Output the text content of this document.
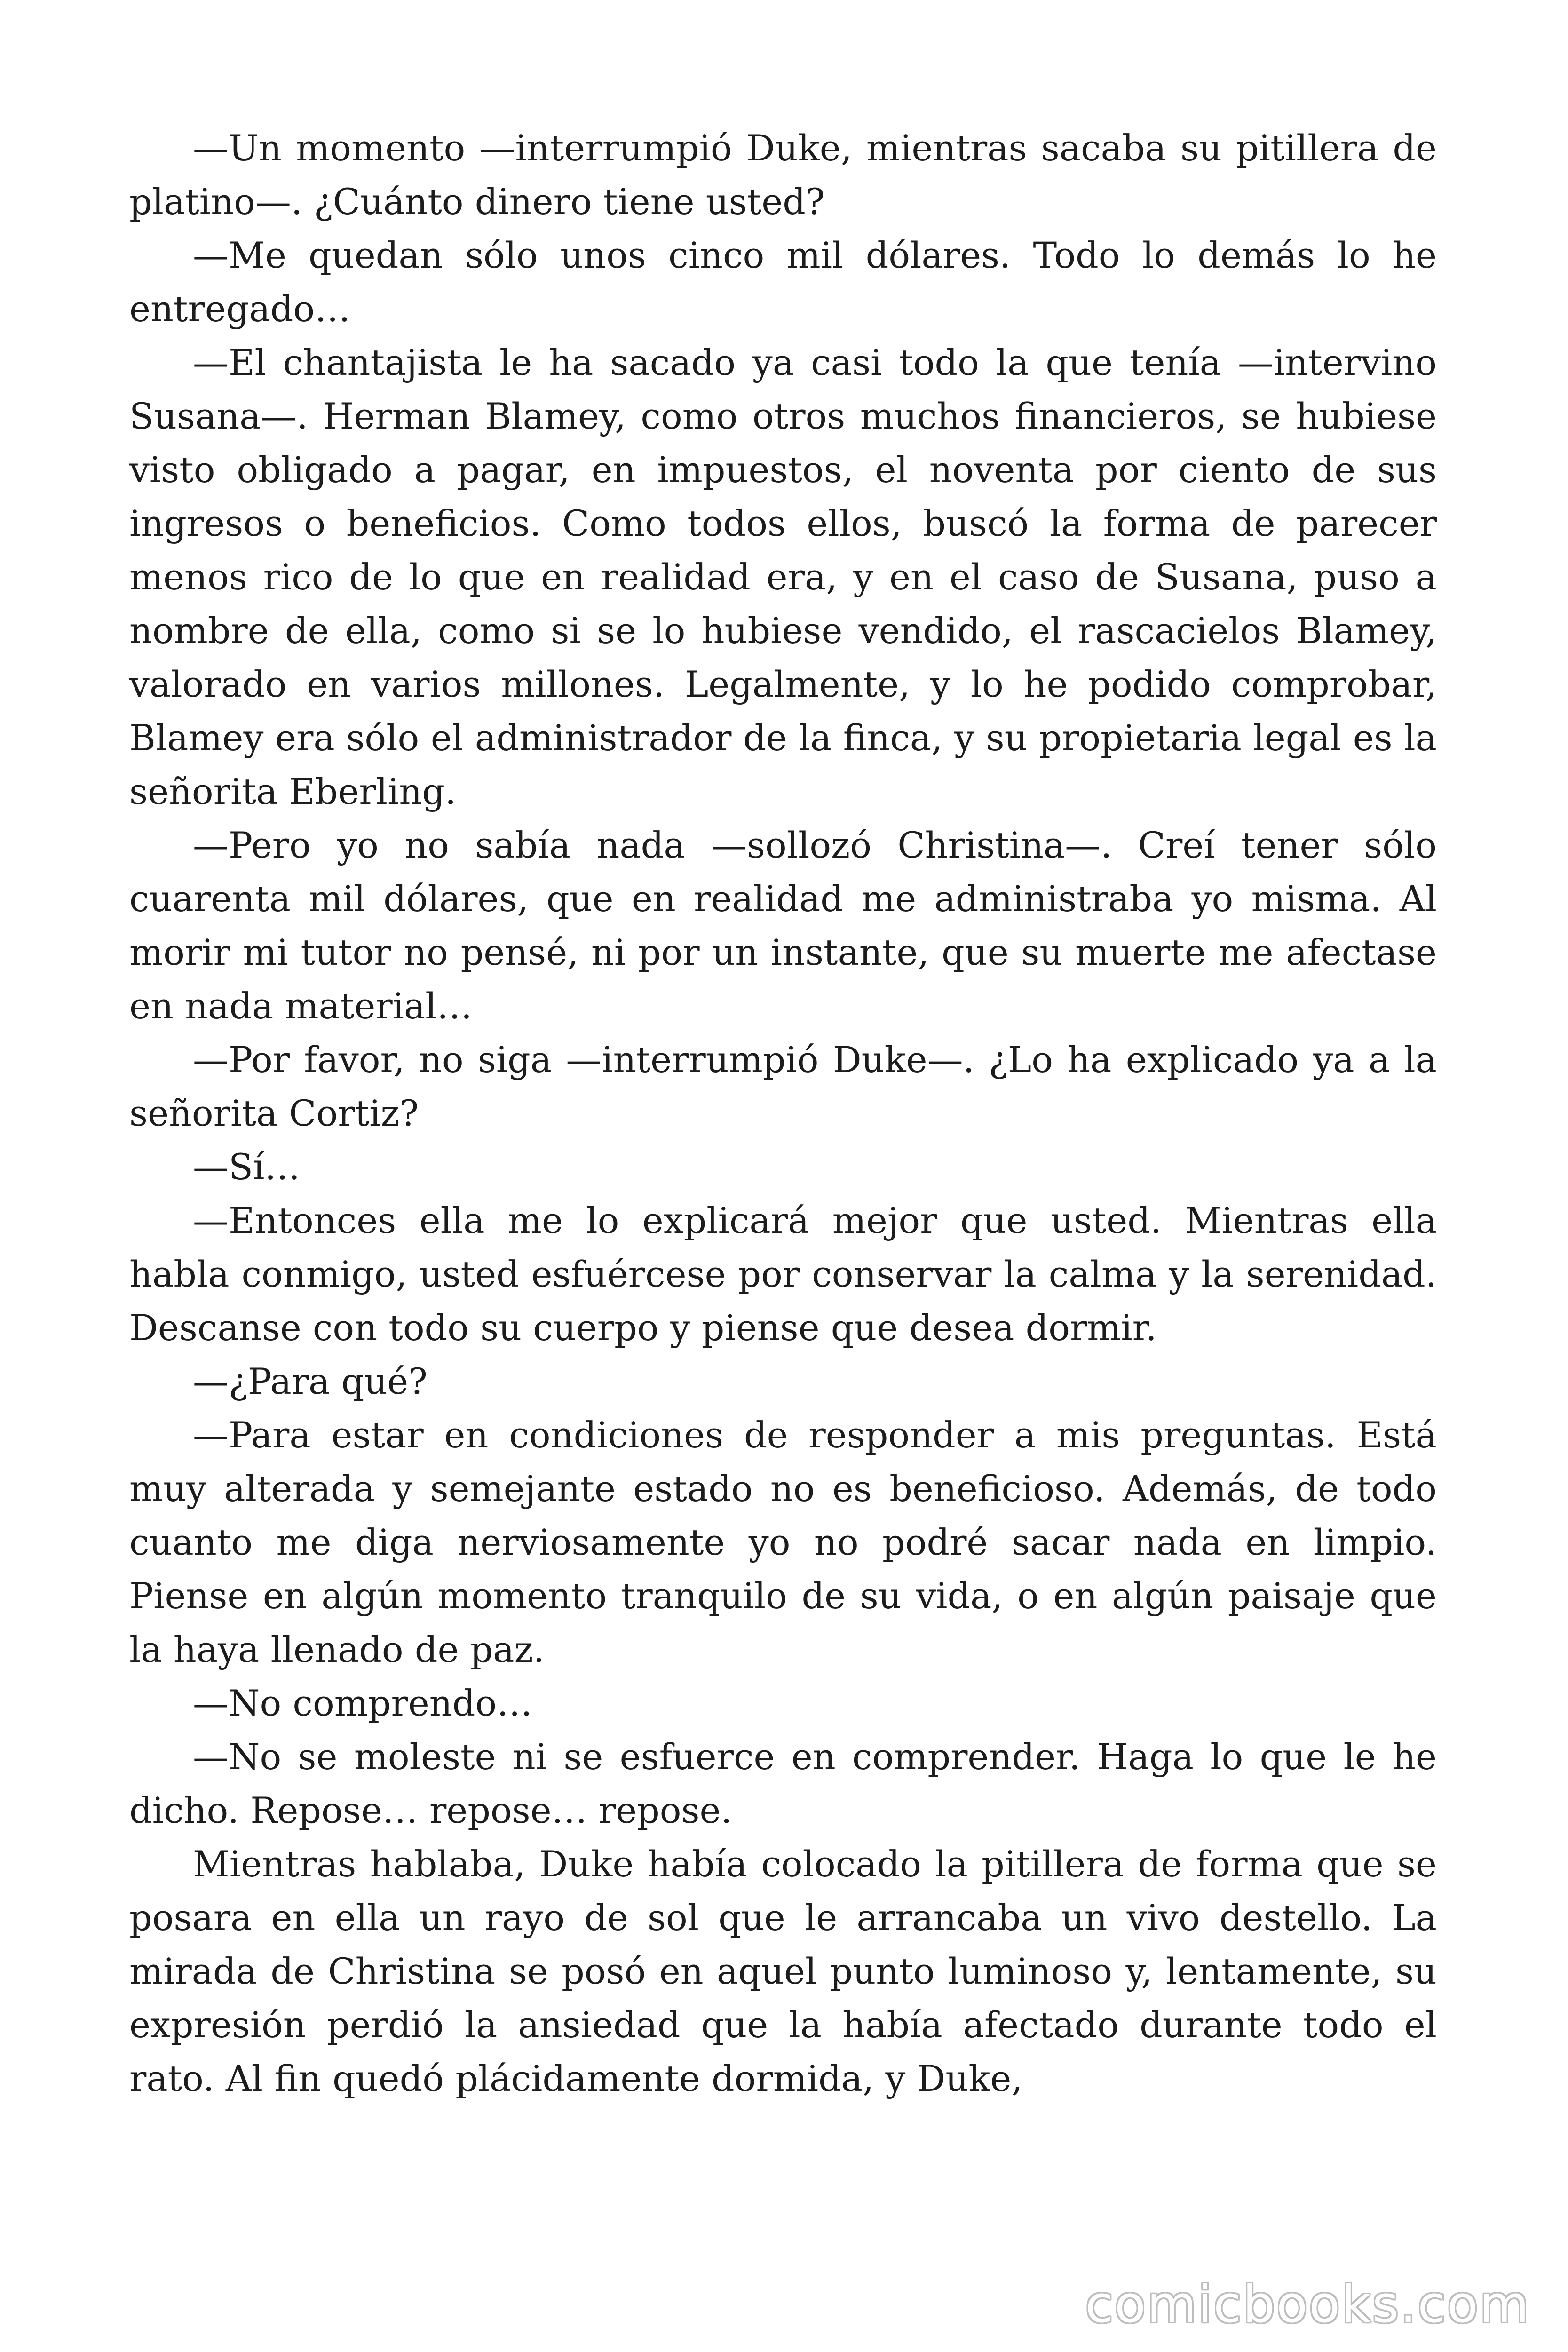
—Un momento —interrumpió Duke, mientras sacaba su pitillera de platino—. ¿Cuánto dinero tiene usted?

—Me quedan sólo unos cinco mil dólares. Todo lo demás lo he entregado…

—El chantajista le ha sacado ya casi todo la que tenía —intervino Susana—. Herman Blamey, como otros muchos financieros, se hubiese visto obligado a pagar, en impuestos, el noventa por ciento de sus ingresos o beneficios. Como todos ellos, buscó la forma de parecer menos rico de lo que en realidad era, y en el caso de Susana, puso a nombre de ella, como si se lo hubiese vendido, el rascacielos Blamey, valorado en varios millones. Legalmente, y lo he podido comprobar, Blamey era sólo el administrador de la finca, y su propietaria legal es la señorita Eberling.

—Pero yo no sabía nada —sollozó Christina—. Creí tener sólo cuarenta mil dólares, que en realidad me administraba yo misma. Al morir mi tutor no pensé, ni por un instante, que su muerte me afectase en nada material…

—Por favor, no siga —interrumpió Duke—. ¿Lo ha explicado ya a la señorita Cortiz?

—Sí…

—Entonces ella me lo explicará mejor que usted. Mientras ella habla conmigo, usted esfuércese por conservar la calma y la serenidad. Descanse con todo su cuerpo y piense que desea dormir.

—¿Para qué?

—Para estar en condiciones de responder a mis preguntas. Está muy alterada y semejante estado no es beneficioso. Además, de todo cuanto me diga nerviosamente yo no podré sacar nada en limpio. Piense en algún momento tranquilo de su vida, o en algún paisaje que la haya llenado de paz.

—No comprendo…

—No se moleste ni se esfuerce en comprender. Haga lo que le he dicho. Repose… repose… repose.

Mientras hablaba, Duke había colocado la pitillera de forma que se posara en ella un rayo de sol que le arrancaba un vivo destello. La mirada de Christina se posó en aquel punto luminoso y, lentamente, su expresión perdió la ansiedad que la había afectado durante todo el rato. Al fin quedó plácidamente dormida, y Duke,

comicbooks.com
